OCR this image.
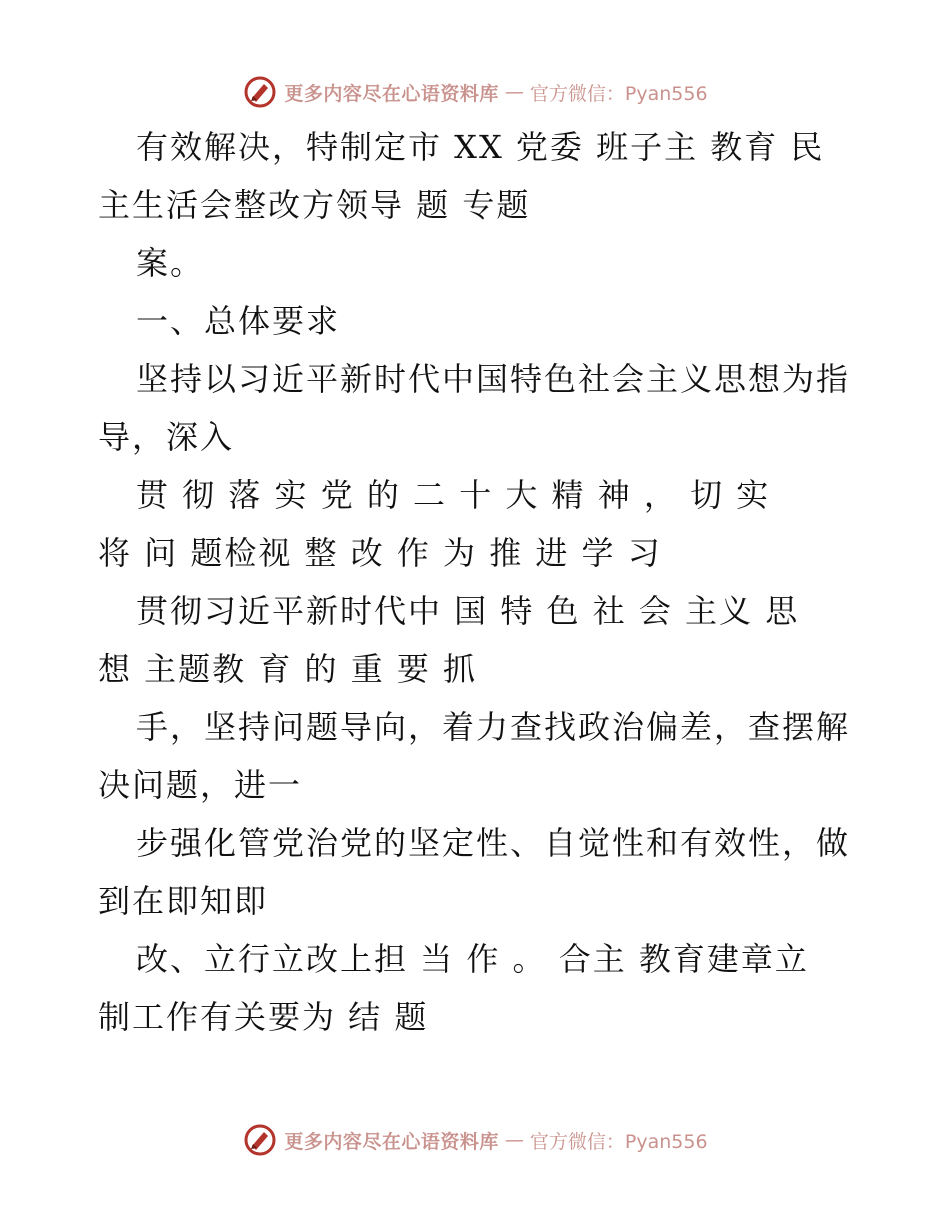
更多内容尽在心语资料库 — 官方微信：Pyan556
有效解决，特制定市 XX 党委 班子主 教育 民
主生活会整改方领导 题 专题
案。
一、总体要求
坚持以习近平新时代中国特色社会主义思想为指
导，深入
贯 彻 落 实 党 的 二 十 大 精 神 ， 切 实
将 问 题检视 整 改 作 为 推 进 学 习
贯彻习近平新时代中 国 特 色 社 会 主义 思
想 主题教 育 的 重 要 抓
手，坚持问题导向，着力查找政治偏差，查摆解
决问题，进一
步强化管党治党的坚定性、自觉性和有效性，做
到在即知即
改、立行立改上担 当 作 。 合主 教育建章立
制工作有关要为 结 题
更多内容尽在心语资料库 — 官方微信：Pyan556
